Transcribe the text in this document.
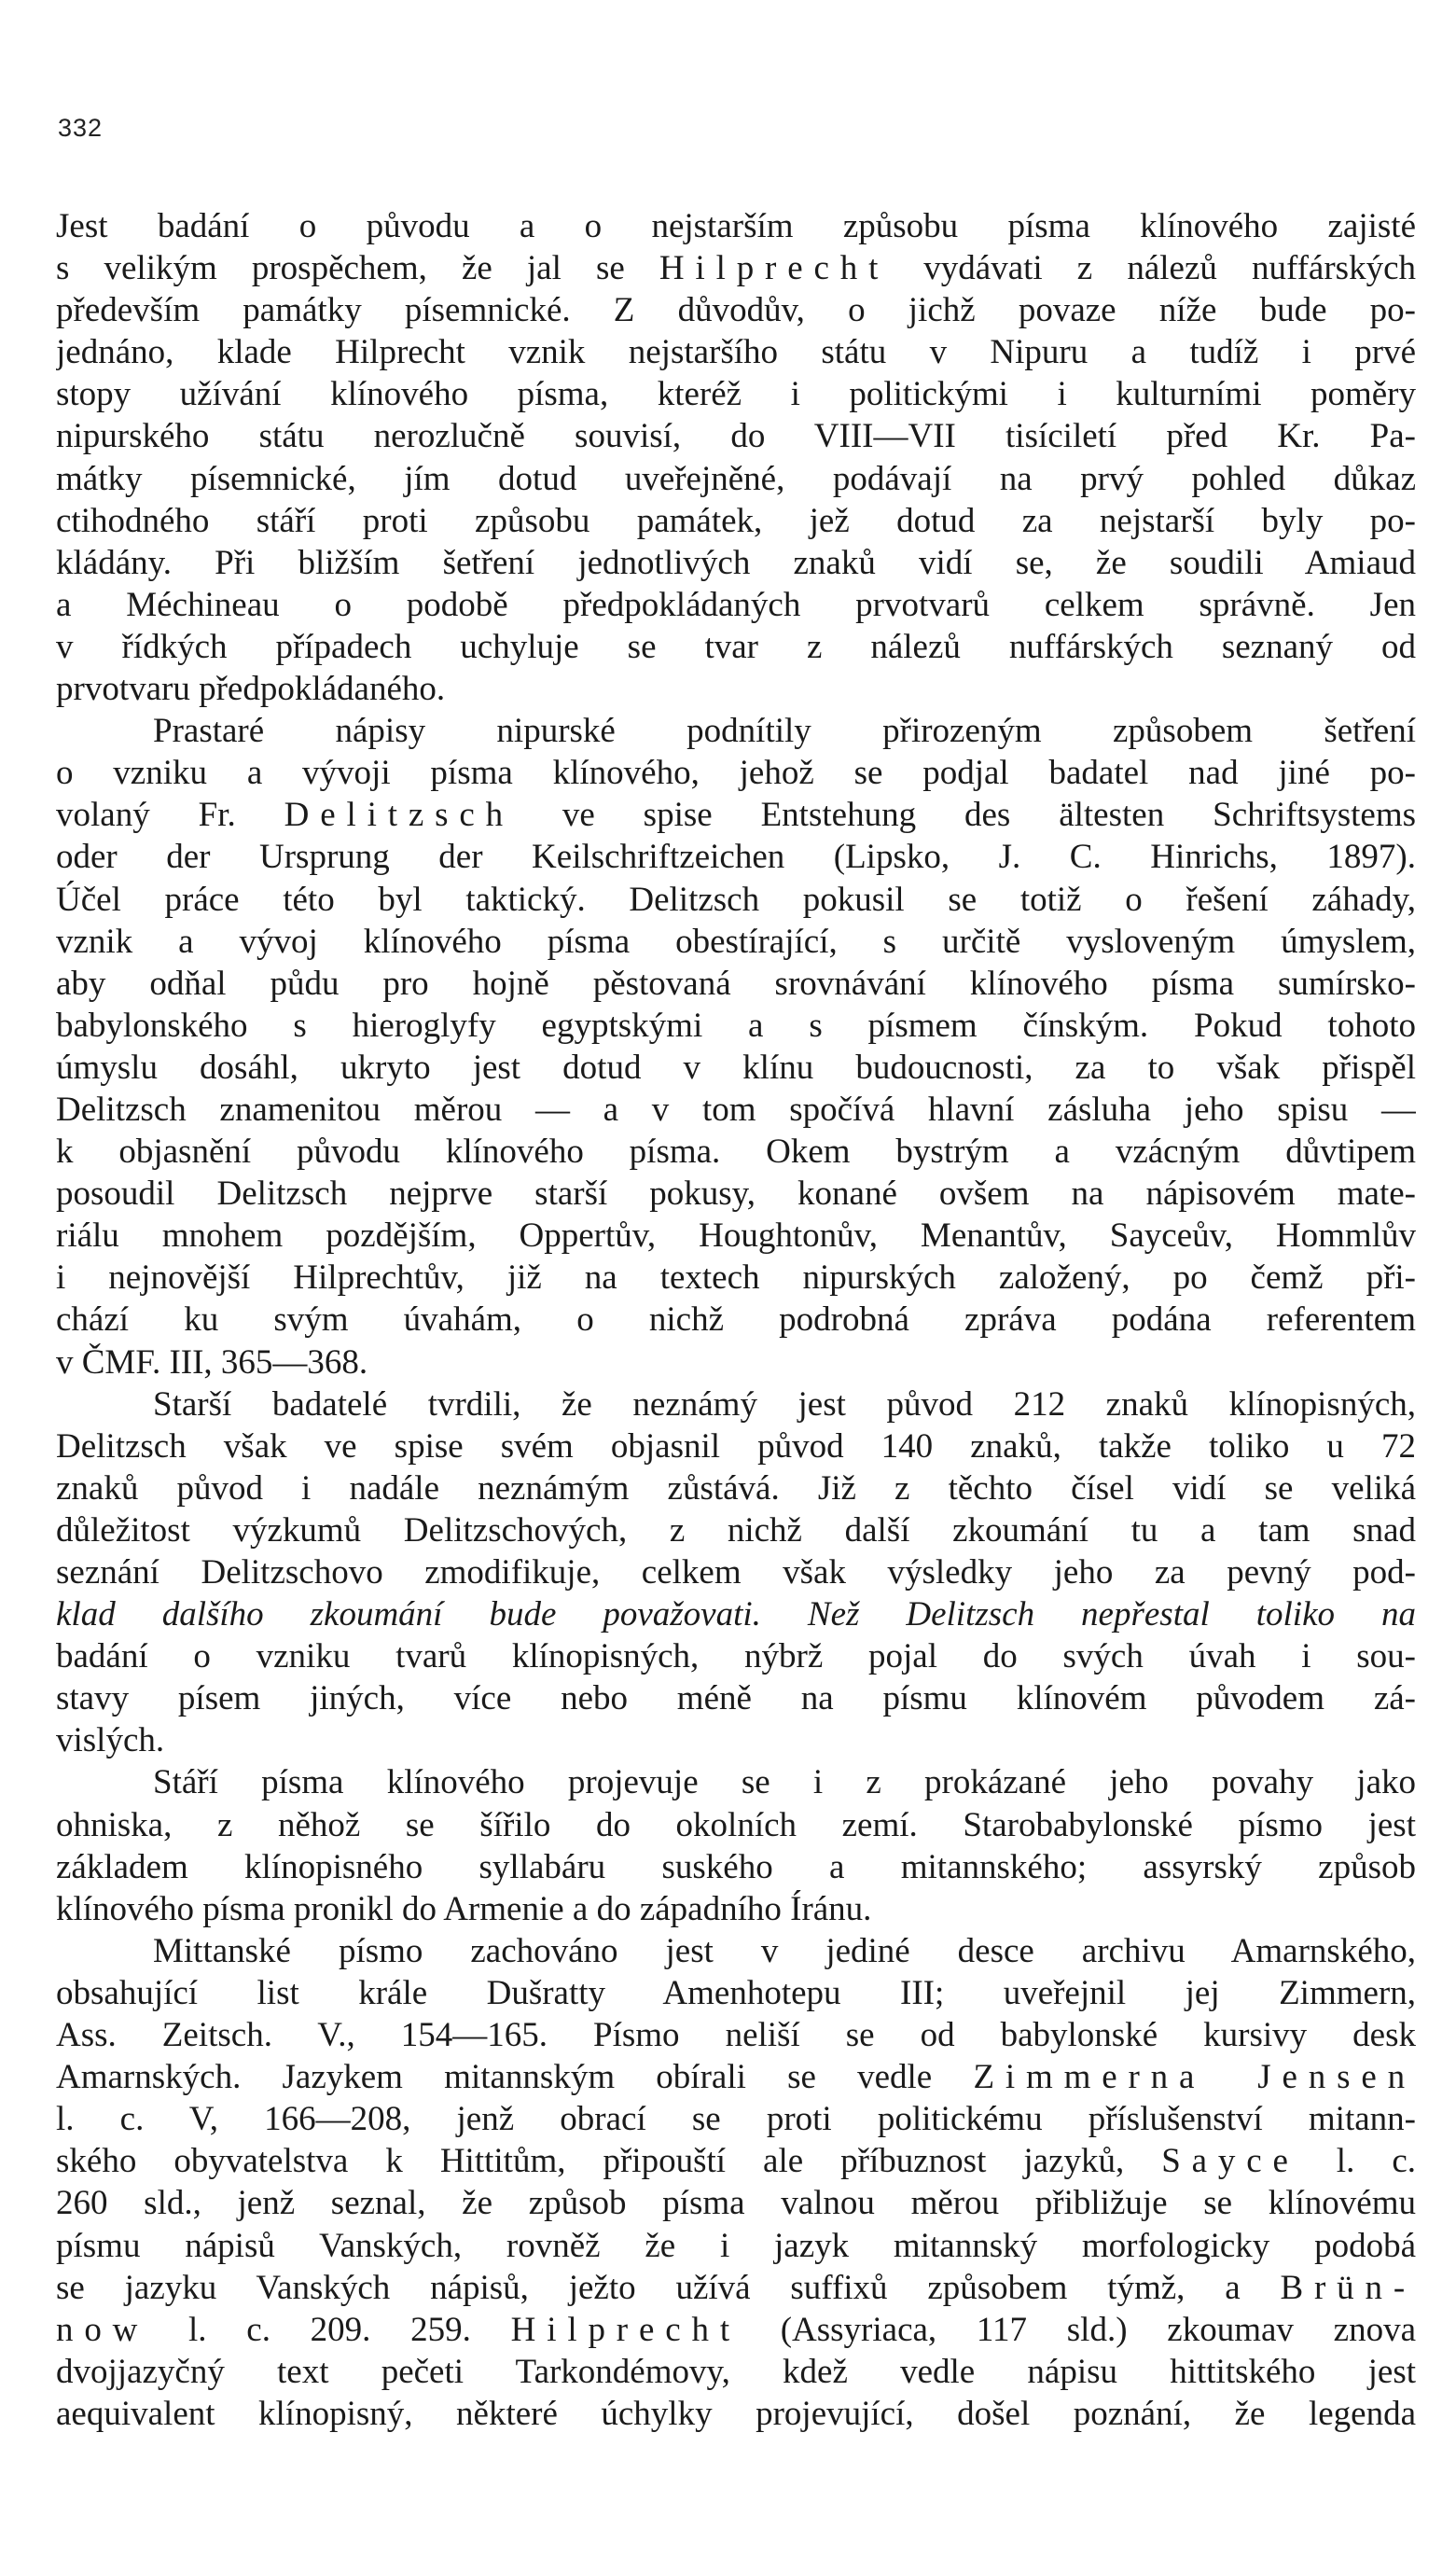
332
Jest badání o původu a o nejstarším způsobu písma klínového zajisté
s velikým prospěchem, že jal se Hilprecht vydávati z nálezů nuffárských
především památky písemnické. Z důvodův, o jichž povaze níže bude po-
jednáno, klade Hilprecht vznik nejstaršího státu v Nipuru a tudíž i prvé
stopy užívání klínového písma, kteréž i politickými i kulturními poměry
nipurského státu nerozlučně souvisí, do VIII—VII tisíciletí před Kr. Pa-
mátky písemnické, jím dotud uveřejněné, podávají na prvý pohled důkaz
ctihodného stáří proti způsobu památek, jež dotud za nejstarší byly po-
kládány. Při bližším šetření jednotlivých znaků vidí se, že soudili Amiaud
a Méchineau o podobě předpokládaných prvotvarů celkem správně. Jen
v řídkých případech uchyluje se tvar z nálezů nuffárských seznaný od
prvotvaru předpokládaného.
Prastaré nápisy nipurské podnítily přirozeným způsobem šetření
o vzniku a vývoji písma klínového, jehož se podjal badatel nad jiné po-
volaný Fr. Delitzsch ve spise Entstehung des ältesten Schriftsystems
oder der Ursprung der Keilschriftzeichen (Lipsko, J. C. Hinrichs, 1897).
Účel práce této byl taktický. Delitzsch pokusil se totiž o řešení záhady,
vznik a vývoj klínového písma obestírající, s určitě vysloveným úmyslem,
aby odňal půdu pro hojně pěstovaná srovnávání klínového písma sumírsko-
babylonského s hieroglyfy egyptskými a s písmem čínským. Pokud tohoto
úmyslu dosáhl, ukryto jest dotud v klínu budoucnosti, za to však přispěl
Delitzsch znamenitou měrou — a v tom spočívá hlavní zásluha jeho spisu —
k objasnění původu klínového písma. Okem bystrým a vzácným důvtipem
posoudil Delitzsch nejprve starší pokusy, konané ovšem na nápisovém mate-
riálu mnohem pozdějším, Oppertův, Houghtonův, Menantův, Sayceův, Hommlův
i nejnovější Hilprechtův, již na textech nipurských založený, po čemž při-
chází ku svým úvahám, o nichž podrobná zpráva podána referentem
v ČMF. III, 365—368.
Starší badatelé tvrdili, že neznámý jest původ 212 znaků klínopisných,
Delitzsch však ve spise svém objasnil původ 140 znaků, takže toliko u 72
znaků původ i nadále neznámým zůstává. Již z těchto čísel vidí se veliká
důležitost výzkumů Delitzschových, z nichž další zkoumání tu a tam snad
seznání Delitzschovo zmodifikuje, celkem však výsledky jeho za pevný pod-
klad dalšího zkoumání bude považovati. Než Delitzsch nepřestal toliko na
badání o vzniku tvarů klínopisných, nýbrž pojal do svých úvah i sou-
stavy písem jiných, více nebo méně na písmu klínovém původem zá-
vislých.
Stáří písma klínového projevuje se i z prokázané jeho povahy jako
ohniska, z něhož se šířilo do okolních zemí. Starobabylonské písmo jest
základem klínopisného syllabáru suského a mitannského; assyrský způsob
klínového písma pronikl do Armenie a do západního Íránu.
Mittanské písmo zachováno jest v jediné desce archivu Amarnského,
obsahující list krále Dušratty Amenhotepu III; uveřejnil jej Zimmern,
Ass. Zeitsch. V., 154—165. Písmo neliší se od babylonské kursivy desk
Amarnských. Jazykem mitannským obírali se vedle Zimmerna Jensen
l. c. V, 166—208, jenž obrací se proti politickému příslušenství mitann-
ského obyvatelstva k Hittitům, připouští ale příbuznost jazyků, Sayce l. c.
260 sld., jenž seznal, že způsob písma valnou měrou přibližuje se klínovému
písmu nápisů Vanských, rovněž že i jazyk mitannský morfologicky podobá
se jazyku Vanských nápisů, ježto užívá suffixů způsobem týmž, a Brün-
now l. c. 209. 259. Hilprecht (Assyriaca, 117 sld.) zkoumav znova
dvojjazyčný text pečeti Tarkondémovy, kdež vedle nápisu hittitského jest
aequivalent klínopisný, některé úchylky projevující, došel poznání, že legenda
